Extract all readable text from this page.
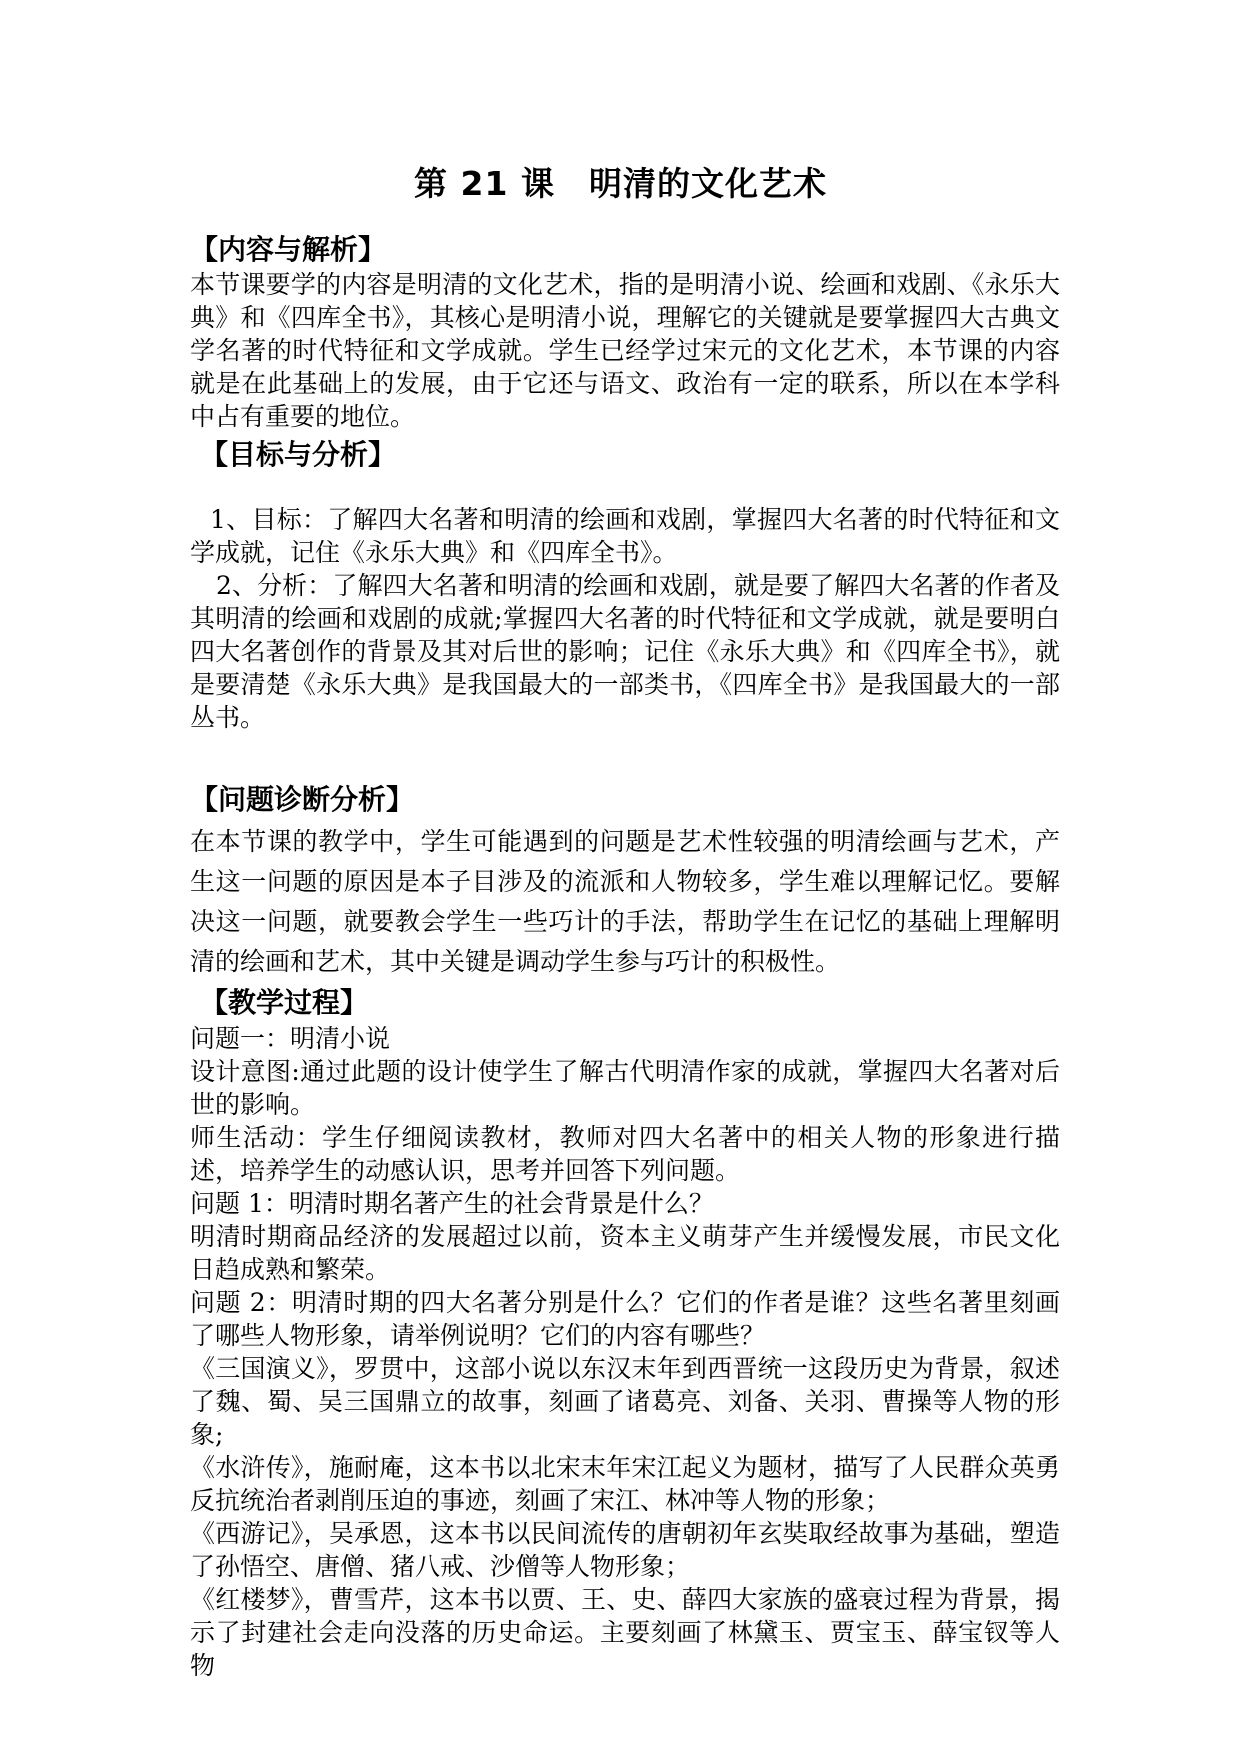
第 21 课　明清的文化艺术
【内容与解析】

本节课要学的内容是明清的文化艺术，指的是明清小说、绘画和戏剧、《永乐大典》和《四库全书》，其核心是明清小说，理解它的关键就是要掌握四大古典文学名著的时代特征和文学成就。学生已经学过宋元的文化艺术，本节课的内容就是在此基础上的发展，由于它还与语文、政治有一定的联系，所以在本学科中占有重要的地位。

【目标与分析】

1、目标：了解四大名著和明清的绘画和戏剧，掌握四大名著的时代特征和文学成就，记住《永乐大典》和《四库全书》。

2、分析：了解四大名著和明清的绘画和戏剧，就是要了解四大名著的作者及其明清的绘画和戏剧的成就;掌握四大名著的时代特征和文学成就，就是要明白四大名著创作的背景及其对后世的影响；记住《永乐大典》和《四库全书》，就是要清楚《永乐大典》是我国最大的一部类书，《四库全书》是我国最大的一部丛书。

【问题诊断分析】

在本节课的教学中，学生可能遇到的问题是艺术性较强的明清绘画与艺术，产生这一问题的原因是本子目涉及的流派和人物较多，学生难以理解记忆。要解决这一问题，就要教会学生一些巧计的手法，帮助学生在记忆的基础上理解明清的绘画和艺术，其中关键是调动学生参与巧计的积极性。

【教学过程】

问题一：明清小说

设计意图:通过此题的设计使学生了解古代明清作家的成就，掌握四大名著对后世的影响。

师生活动：学生仔细阅读教材，教师对四大名著中的相关人物的形象进行描述，培养学生的动感认识，思考并回答下列问题。

问题 1：明清时期名著产生的社会背景是什么？

明清时期商品经济的发展超过以前，资本主义萌芽产生并缓慢发展，市民文化日趋成熟和繁荣。

问题 2：明清时期的四大名著分别是什么？它们的作者是谁？这些名著里刻画了哪些人物形象，请举例说明？它们的内容有哪些？

《三国演义》，罗贯中，这部小说以东汉末年到西晋统一这段历史为背景，叙述了魏、蜀、吴三国鼎立的故事，刻画了诸葛亮、刘备、关羽、曹操等人物的形象;

《水浒传》，施耐庵，这本书以北宋末年宋江起义为题材，描写了人民群众英勇反抗统治者剥削压迫的事迹，刻画了宋江、林冲等人物的形象；

《西游记》，吴承恩，这本书以民间流传的唐朝初年玄奘取经故事为基础，塑造了孙悟空、唐僧、猪八戒、沙僧等人物形象；

《红楼梦》，曹雪芹，这本书以贾、王、史、薛四大家族的盛衰过程为背景，揭示了封建社会走向没落的历史命运。主要刻画了林黛玉、贾宝玉、薛宝钗等人物
